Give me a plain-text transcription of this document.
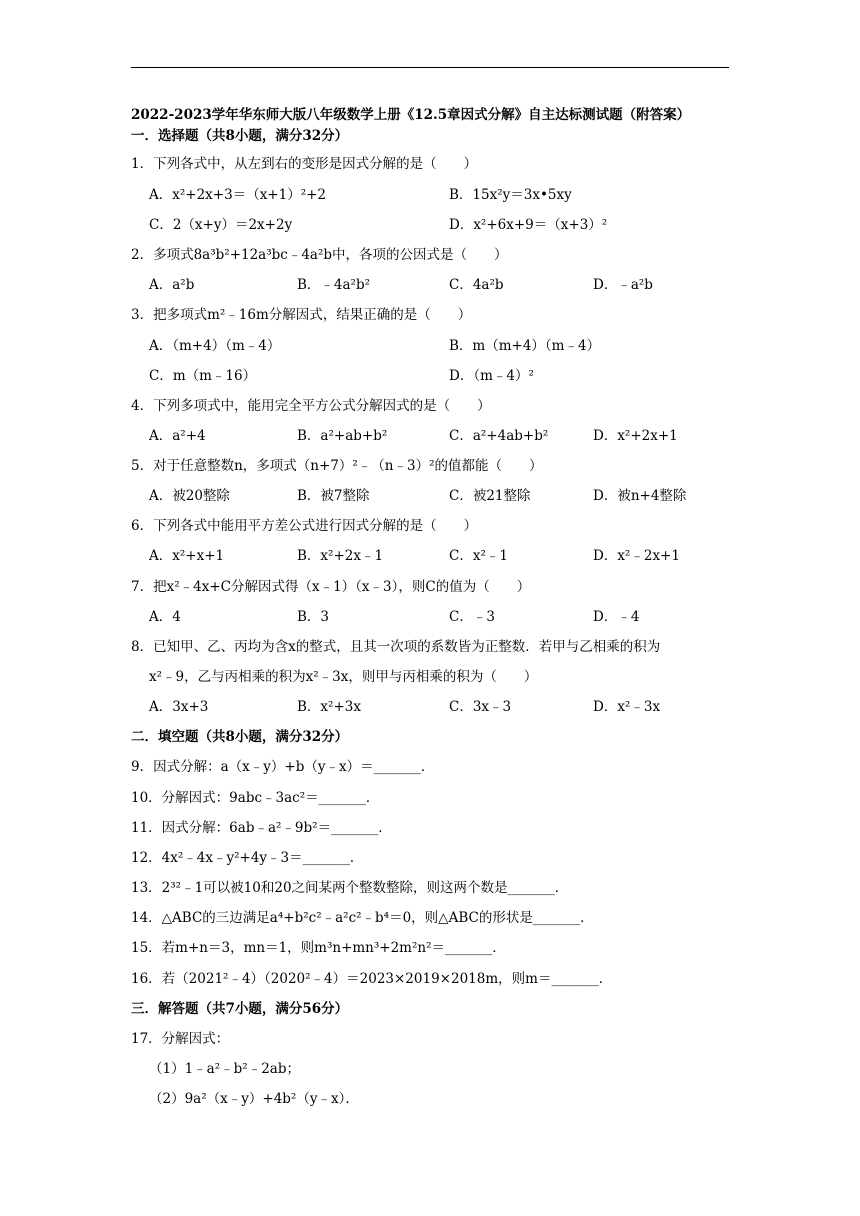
2022-2023学年华东师大版八年级数学上册《12.5章因式分解》自主达标测试题（附答案）
一．选择题（共8小题，满分32分）
1．下列各式中，从左到右的变形是因式分解的是（　　）
A．x²+2x+3＝（x+1）²+2	B．15x²y＝3x•5xy
C．2（x+y）＝2x+2y	D．x²+6x+9＝（x+3）²
2．多项式8a³b²+12a³bc﹣4a²b中，各项的公因式是（　　）
A．a²b	B．﹣4a²b²	C．4a²b	D．﹣a²b
3．把多项式m²﹣16m分解因式，结果正确的是（　　）
A．（m+4）（m﹣4）	B．m（m+4）（m﹣4）
C．m（m﹣16）	D．（m﹣4）²
4．下列多项式中，能用完全平方公式分解因式的是（　　）
A．a²+4	B．a²+ab+b²	C．a²+4ab+b²	D．x²+2x+1
5．对于任意整数n，多项式（n+7）²﹣（n﹣3）²的值都能（　　）
A．被20整除	B．被7整除	C．被21整除	D．被n+4整除
6．下列各式中能用平方差公式进行因式分解的是（　　）
A．x²+x+1	B．x²+2x﹣1	C．x²﹣1	D．x²﹣2x+1
7．把x²﹣4x+C分解因式得（x﹣1）（x﹣3），则C的值为（　　）
A．4	B．3	C．﹣3	D．﹣4
8．已知甲、乙、丙均为含x的整式，且其一次项的系数皆为正整数．若甲与乙相乘的积为
x²﹣9，乙与丙相乘的积为x²﹣3x，则甲与丙相乘的积为（　　）
A．3x+3	B．x²+3x	C．3x﹣3	D．x²﹣3x
二．填空题（共8小题，满分32分）
9．因式分解：a（x﹣y）+b（y﹣x）＝_______．
10．分解因式：9abc﹣3ac²＝_______．
11．因式分解：6ab﹣a²﹣9b²＝_______．
12．4x²﹣4x﹣y²+4y﹣3＝_______．
13．2³²﹣1可以被10和20之间某两个整数整除，则这两个数是_______．
14．△ABC的三边满足a⁴+b²c²﹣a²c²﹣b⁴＝0，则△ABC的形状是_______．
15．若m+n＝3，mn＝1，则m³n+mn³+2m²n²＝_______．
16．若（2021²﹣4）（2020²﹣4）＝2023×2019×2018m，则m＝_______．
三．解答题（共7小题，满分56分）
17．分解因式：
（1）1﹣a²﹣b²﹣2ab；
（2）9a²（x﹣y）+4b²（y﹣x）．
